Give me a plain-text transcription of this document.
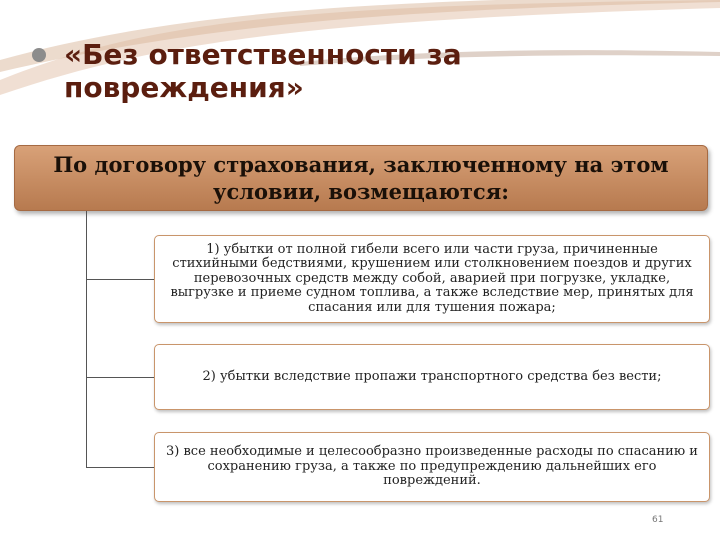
«Без ответственности за повреждения»
По договору страхования, заключенному на этом условии, возмещаются:
1) убытки от полной гибели всего или части груза, причиненные стихийными бедствиями, крушением или столкновением поездов и других перевозочных средств между собой, аварией при погрузке, укладке, выгрузке и приеме судном топлива, а также вследствие мер, принятых для спасания или для тушения пожара;
2) убытки вследствие пропажи транспортного средства без вести;
3) все необходимые и целесообразно произведенные расходы по спасанию и сохранению груза, а также по предупреждению дальнейших его повреждений.
61
